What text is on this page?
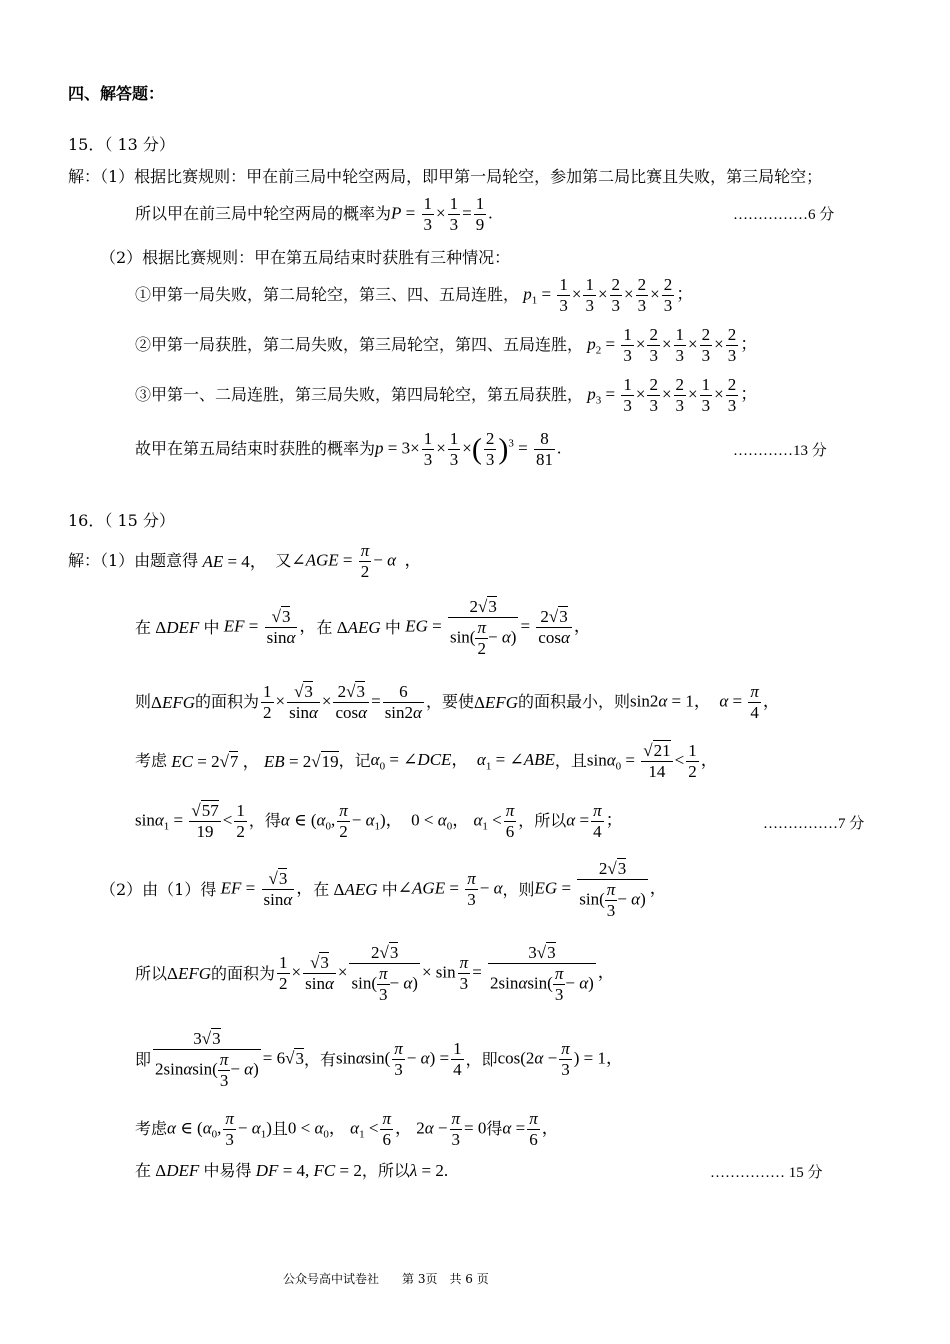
四、解答题：
15．（ 13 分）
解：（1）根据比赛规则：甲在前三局中轮空两局，即甲第一局轮空，参加第二局比赛且失败，第三局轮空；
所以甲在前三局中轮空两局的概率为 $P = \frac{1}{3} \times \frac{1}{3} = \frac{1}{9}$ .	……………6 分
（2）根据比赛规则：甲在第五局结束时获胜有三种情况：
①甲第一局失败，第二局轮空，第三、四、五局连胜， $p_1 = \frac{1}{3} \times \frac{1}{3} \times \frac{2}{3} \times \frac{2}{3} \times \frac{2}{3}$ ；
②甲第一局获胜，第二局失败，第三局轮空，第四、五局连胜， $p_2 = \frac{1}{3} \times \frac{2}{3} \times \frac{1}{3} \times \frac{2}{3} \times \frac{2}{3}$ ；
③甲第一、二局连胜，第三局失败，第四局轮空，第五局获胜， $p_3 = \frac{1}{3} \times \frac{2}{3} \times \frac{2}{3} \times \frac{1}{3} \times \frac{2}{3}$ ；
故甲在第五局结束时获胜的概率为 $p = 3\times \frac{1}{3} \times \frac{1}{3}$ ×( $\frac{2}{3} )^3 = \frac{8}{81}$ .	…………13 分
16．（ 15 分）
解：（1）由题意得 AE = 4， 又 ∠AGE = $\frac{\pi}{2} - \alpha$  ，
在 ΔDEF 中 EF = $\frac{√3}{\sin\alpha}$ ， 在 ΔAEG 中 EG = $\frac{2√3}{\sin( \frac{\pi}{2} - \alpha)} = \frac{2√3}{\cos\alpha}$ ，
则 ΔEFG 的面积为 $\frac{1}{2} \times \frac{√3}{\sin\alpha} \times \frac{2√3}{\cos\alpha} = \frac{6}{\sin 2\alpha}$ ，要使 ΔEFG 的面积最小，则 sin2α = 1，  $\alpha = \frac{\pi}{4}$ ，
考虑 EC = 2√7 ， EB = 2√19 ，记 $\alpha_0$ = ∠DCE，  $\alpha_1$ = ∠ABE ，且 $\sin\alpha_0 = \frac{√21}{14} < \frac{1}{2}$ ，
$\sin\alpha_1 = \frac{√57}{19} < \frac{1}{2}$ ，得 α ∈ ($\alpha_0$, $\frac{\pi}{2} - \alpha_1$)，  $0 < \alpha_0$， $\alpha_1 < \frac{\pi}{6}$ ，所以 $\alpha = \frac{\pi}{4}$ ；	……………7 分
（2）由（1）得 EF = $\frac{√3}{\sin\alpha}$ ， 在 ΔAEG 中 ∠AGE = $\frac{\pi}{3} - \alpha$ ，则 EG = $\frac{2√3}{\sin( \frac{\pi}{3} - \alpha)}$ ，
所以 ΔEFG 的面积为 $\frac{1}{2} \times \frac{√3}{\sin\alpha} \times \frac{2√3}{\sin( \frac{\pi}{3} - \alpha)} \times \sin \frac{\pi}{3} = \frac{3√3}{2\sin\alpha\sin( \frac{\pi}{3} - \alpha)}$ ，
即 $\frac{3√3}{2\sin\alpha\sin( \frac{\pi}{3} - \alpha)} = 6√3$ ，有 $\sin\alpha\sin( \frac{\pi}{3} - \alpha) = \frac{1}{4}$ ，即 $\cos(2\alpha - \frac{\pi}{3}$ ) = 1，
考虑 α ∈ ($\alpha_0$, $\frac{\pi}{3} - \alpha_1$) 且 $0 < \alpha_0$， $\alpha_1 < \frac{\pi}{6}$ ， $2\alpha - \frac{\pi}{3} = 0$ 得 $\alpha = \frac{\pi}{6}$ ，
在 ΔDEF 中易得 DF = 4, FC = 2 ，所以 λ = 2.	…………… 15 分
公众号高中试卷社 第 3页　共 6 页
